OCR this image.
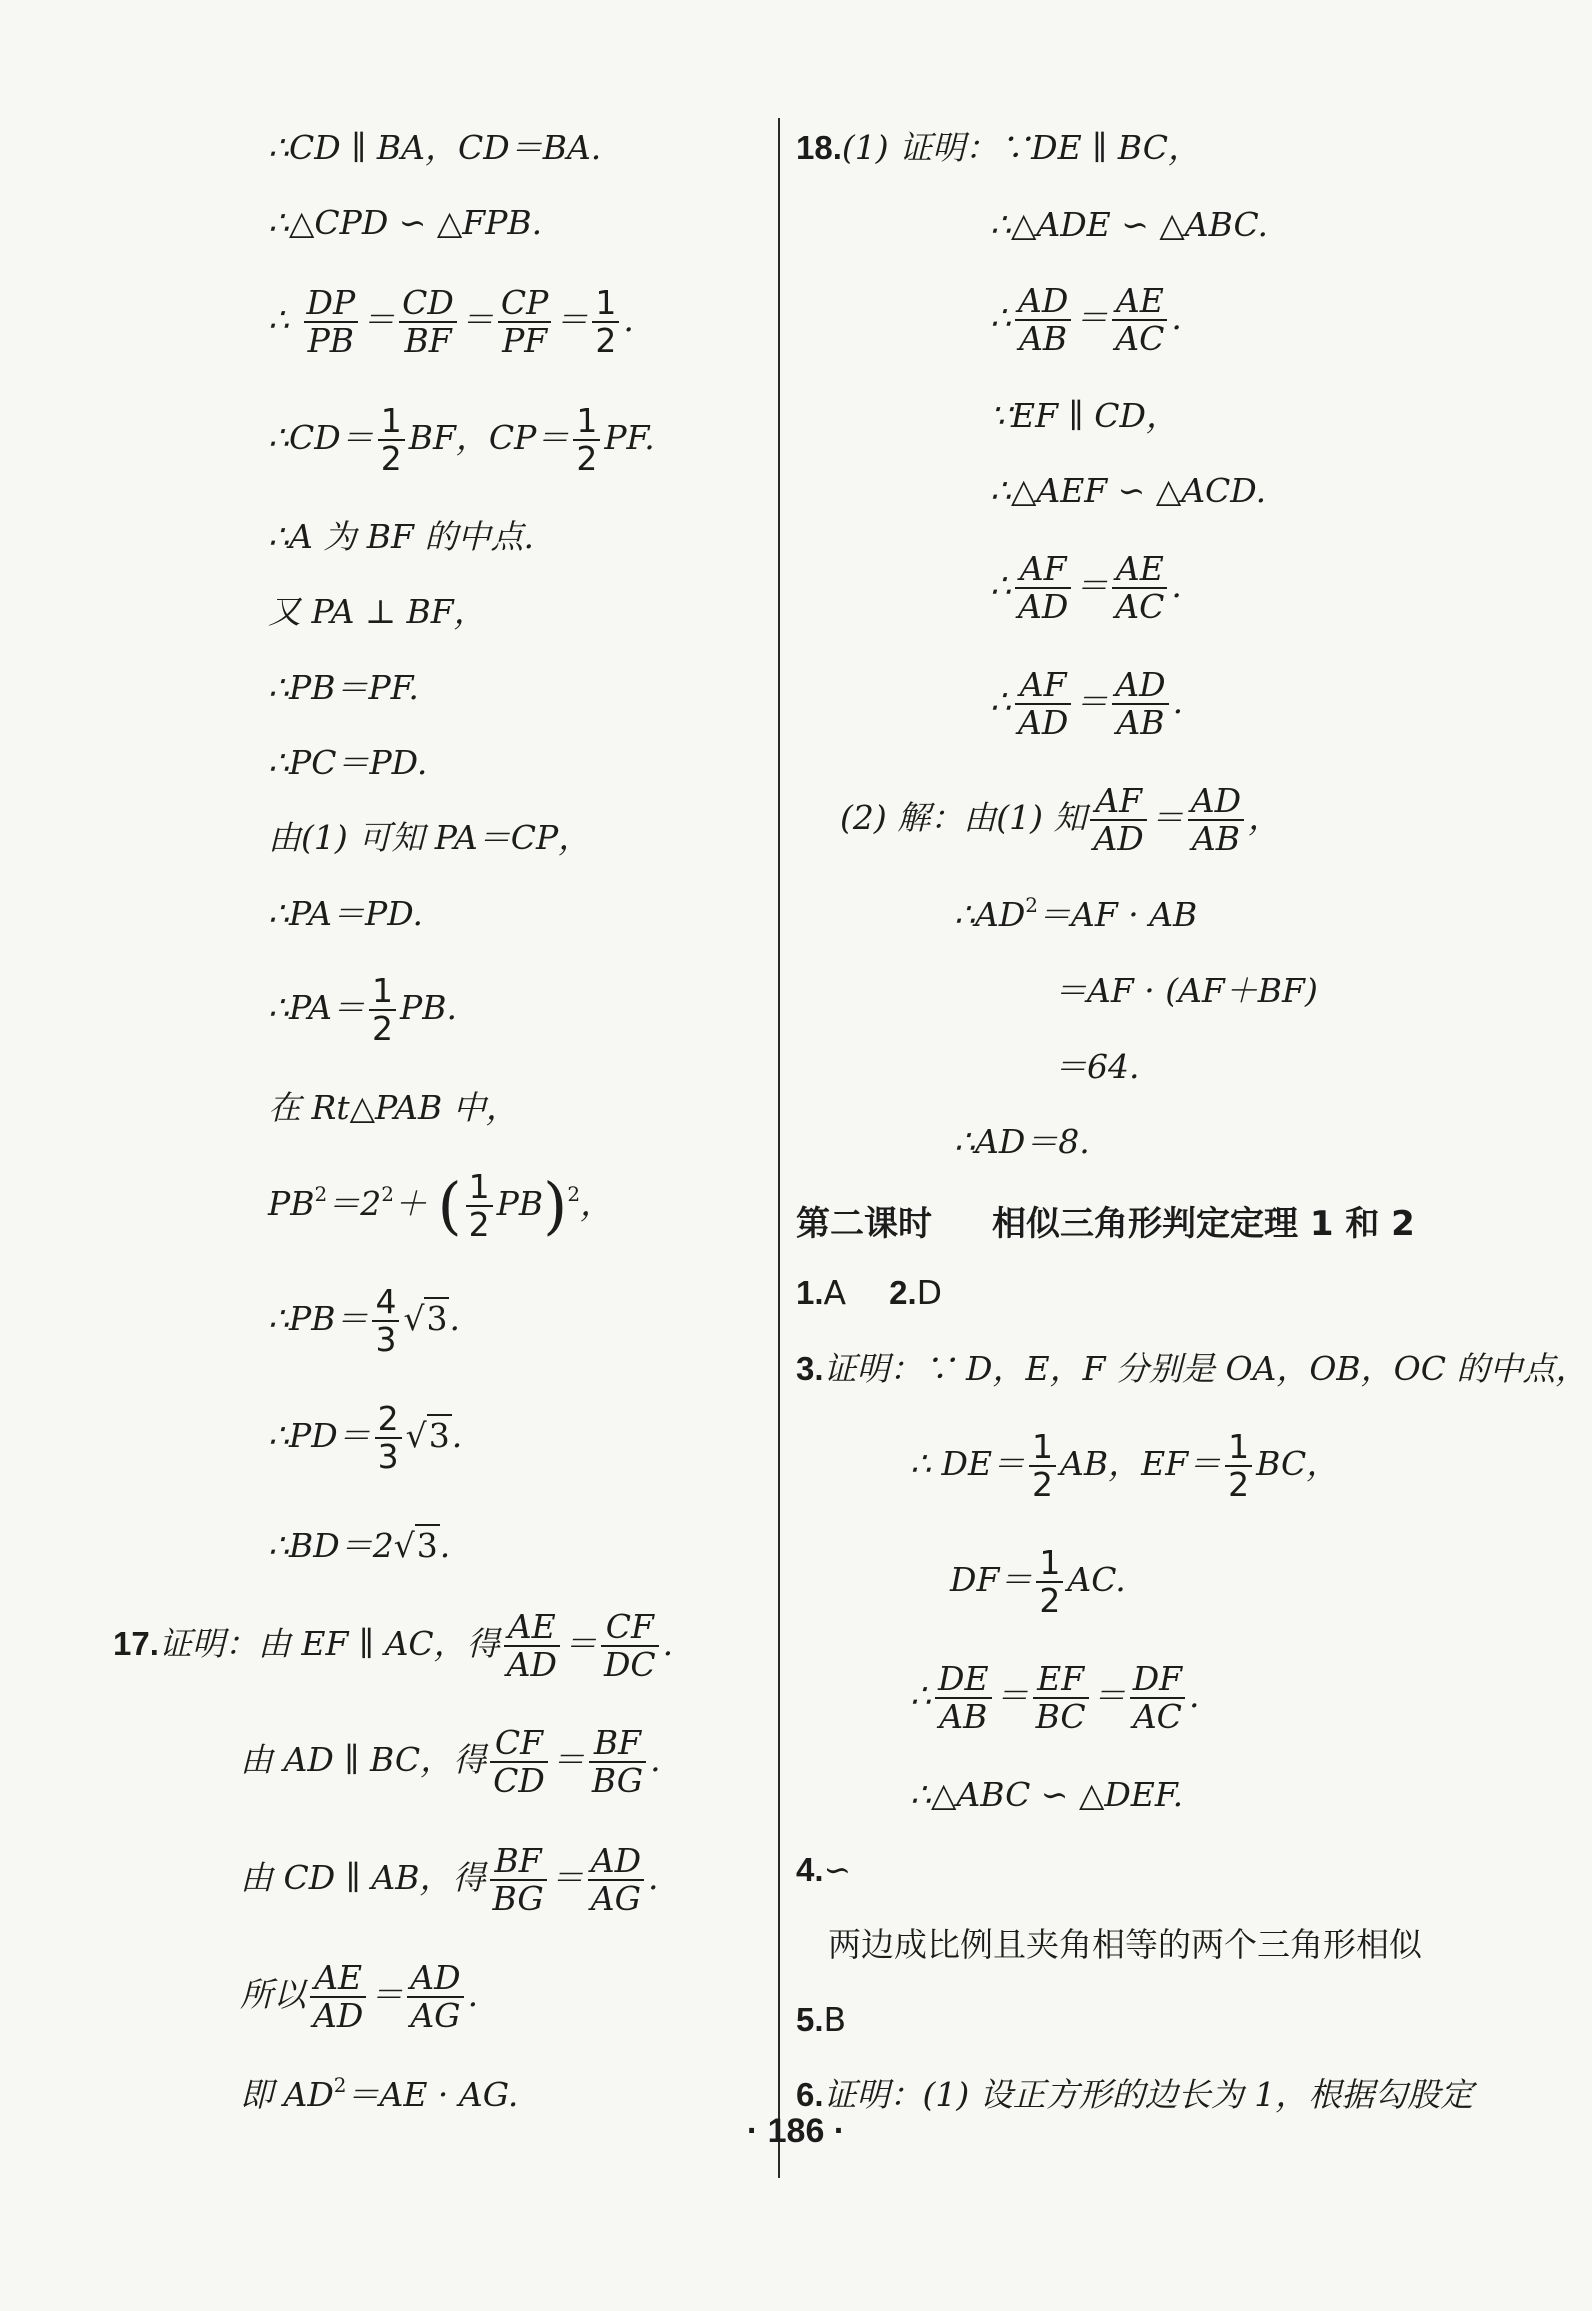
∴CD ∥ BA，CD＝BA.
∴△CPD ∽ △FPB.
∴ $\frac{DP}{PB} = \frac{CD}{BF} = \frac{CP}{PF} = \frac{1}{2}$ .
∴CD＝ $\frac{1}{2}$ BF，$CP= \frac{1}{2}$ PF.
∴A 为 BF 的中点.
又 PA ⊥ BF，
∴PB＝PF.
∴PC＝PD.
由(1) 可知 PA＝CP，
∴PA＝PD.
∴PA＝ $\frac{1}{2}$ PB.
在 Rt△PAB 中，
$PB^2=2^2+$ ( $\frac{1}{2} PB)^2$，
∴PB＝ $\frac{4}{3} √3$.
∴PD＝ $\frac{2}{3} √3$.
∴BD＝2√3.
17.证明：由 EF ∥ AC，得 $\frac{AE}{AD} = \frac{CF}{DC}$ .
由 AD ∥ BC，得 $\frac{CF}{CD} = \frac{BF}{BG}$ .
由 CD ∥ AB，得 $\frac{BF}{BG} = \frac{AD}{AG}$ .
所以 $\frac{AE}{AD} = \frac{AD}{AG}$ .
即 $AD^2=AE$ · AG.
18.(1) 证明：∵DE ∥ BC，
∴△ADE ∽ △ABC.
∴ $\frac{AD}{AB} = \frac{AE}{AC}$ .
∵EF ∥ CD，
∴△AEF ∽ △ACD.
∴ $\frac{AF}{AD} = \frac{AE}{AC}$ .
∴ $\frac{AF}{AD} = \frac{AD}{AB}$ .
(2) 解：由(1) 知 $\frac{AF}{AD} = \frac{AD}{AB}$ ，
$\therefore AD^2=AF$ · AB
＝AF · (AF＋BF)
＝64.
∴AD＝8.
第二课时 相似三角形判定定理 1 和 2
1.A 2.D
3.证明：∵ D，E，F 分别是 OA，OB，OC 的中点，
∴ $DE= \frac{1}{2}$ AB，$EF= \frac{1}{2}$ BC，
$DF= \frac{1}{2}$ AC.
∴ $\frac{DE}{AB} = \frac{EF}{BC} = \frac{DF}{AC}$ .
∴△ABC ∽ △DEF.
4.∽
两边成比例且夹角相等的两个三角形相似
5.B
6.证明：(1) 设正方形的边长为 1，根据勾股定
· 186 ·
